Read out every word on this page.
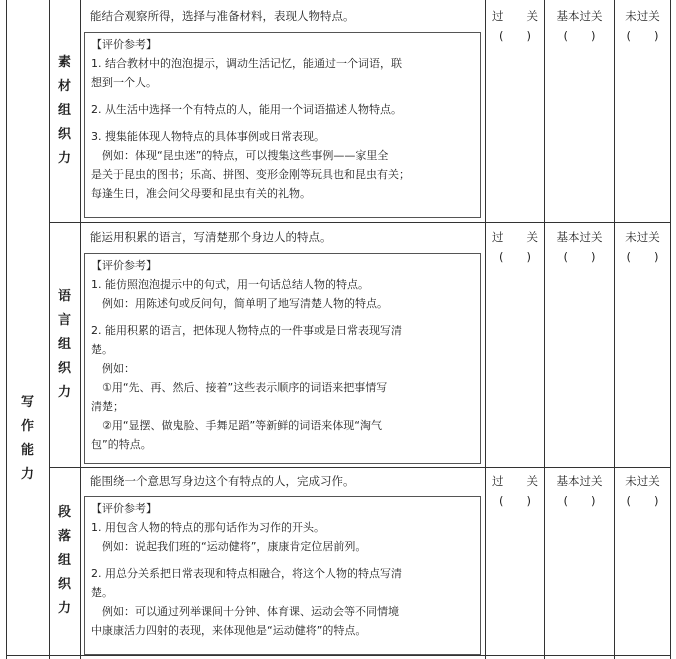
写
作
能
力
素
材
组
织
力
能结合观察所得，选择与准备材料，表现人物特点。

【评价参考】

1. 结合教材中的泡泡提示，调动生活记忆，能通过一个词语，联

想到一个人。

2. 从生活中选择一个有特点的人，能用一个词语描述人物特点。

3. 搜集能体现人物特点的具体事例或日常表现。

　例如：体现“昆虫迷”的特点，可以搜集这些事例——家里全

是关于昆虫的图书；乐高、拼图、变形金刚等玩具也和昆虫有关；

每逢生日，准会问父母要和昆虫有关的礼物。

过　　关
(　　)
基本过关
(　　)
未过关
(　　)
语
言
组
织
力
能运用积累的语言，写清楚那个身边人的特点。

【评价参考】

1. 能仿照泡泡提示中的句式，用一句话总结人物的特点。

　例如：用陈述句或反问句，简单明了地写清楚人物的特点。

2. 能用积累的语言，把体现人物特点的一件事或是日常表现写清

楚。

　例如：

　①用“先、再、然后、接着”这些表示顺序的词语来把事情写

清楚；

　②用“显摆、做鬼脸、手舞足蹈”等新鲜的词语来体现“淘气

包”的特点。

过　　关
(　　)
基本过关
(　　)
未过关
(　　)
段
落
组
织
力
能围绕一个意思写身边这个有特点的人，完成习作。

【评价参考】

1. 用包含人物的特点的那句话作为习作的开头。

　例如：说起我们班的“运动健将”，康康肯定位居前列。

2. 用总分关系把日常表现和特点相融合，将这个人物的特点写清

楚。

　例如：可以通过列举课间十分钟、体育课、运动会等不同情境

中康康活力四射的表现，来体现他是“运动健将”的特点。

过　　关
(　　)
基本过关
(　　)
未过关
(　　)
